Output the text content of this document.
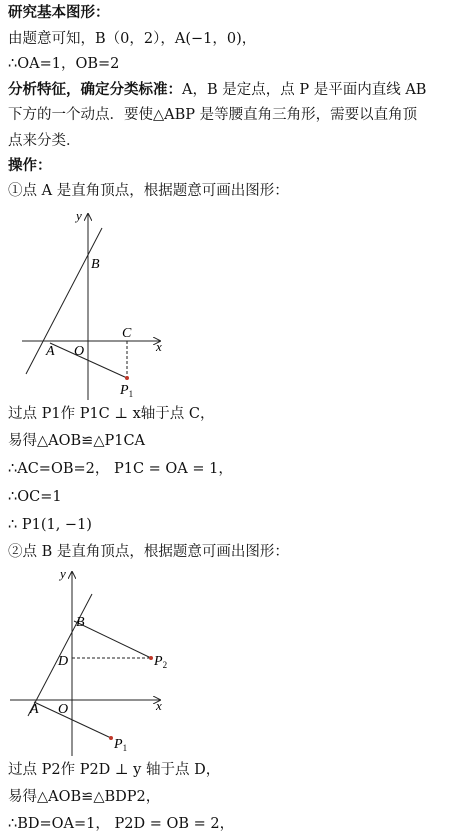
研究基本图形：
由题意可知，B（0，2），A(−1，0)，
∴OA=1，OB=2
分析特征，确定分类标准：A，B 是定点，点 P 是平面内直线 AB
下方的一个动点．要使△ABP 是等腰直角三角形，需要以直角顶
点来分类．
操作：
①点 A 是直角顶点，根据题意可画出图形：
y
B
C
A O	x
$P_1$
过点 P1作 P1C ⊥ x轴于点 C，
易得△AOB≌△P1CA
∴AC=OB=2， P1C = OA = 1，
∴OC=1
∴ P1(1, −1)
②点 B 是直角顶点，根据题意可画出图形：
y
B
D	$P_2$
A O	x
$P_1$
过点 P2作 P2D ⊥ y 轴于点 D，
易得△AOB≌△BDP2，
∴BD=OA=1， P2D = OB = 2，
